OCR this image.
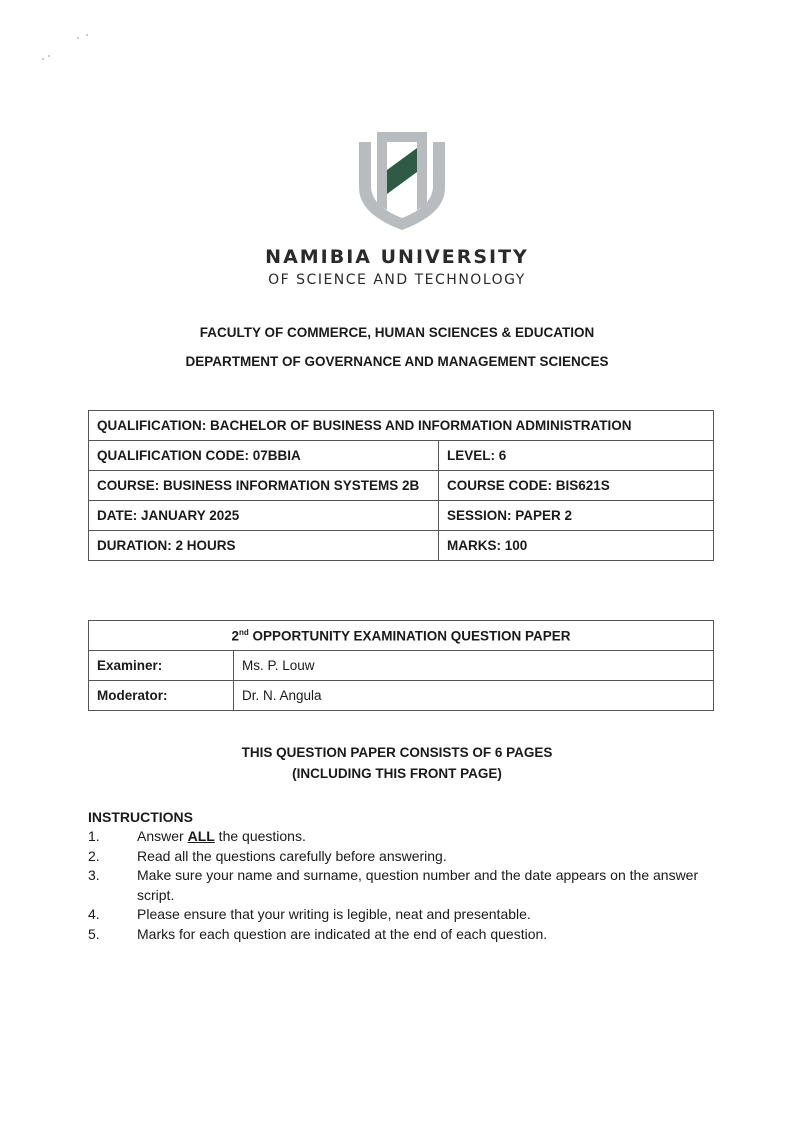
NAMIBIA UNIVERSITY
OF SCIENCE AND TECHNOLOGY
FACULTY OF COMMERCE, HUMAN SCIENCES & EDUCATION
DEPARTMENT OF GOVERNANCE AND MANAGEMENT SCIENCES
QUALIFICATION: BACHELOR OF BUSINESS AND INFORMATION ADMINISTRATION	
QUALIFICATION CODE: 07BBIA	LEVEL: 6
COURSE: BUSINESS INFORMATION SYSTEMS 2B	COURSE CODE: BIS621S
DATE: JANUARY 2025	SESSION: PAPER 2
DURATION: 2 HOURS	MARKS: 100
2nd OPPORTUNITY EXAMINATION QUESTION PAPER	
Examiner:	Ms. P. Louw
Moderator:	Dr. N. Angula
THIS QUESTION PAPER CONSISTS OF 6 PAGES
(INCLUDING THIS FRONT PAGE)
INSTRUCTIONS
1.	Answer ALL the questions.
2.	Read all the questions carefully before answering.
3.	Make sure your name and surname, question number and the date appears on the answer script.
4.	Please ensure that your writing is legible, neat and presentable.
5.	Marks for each question are indicated at the end of each question.
